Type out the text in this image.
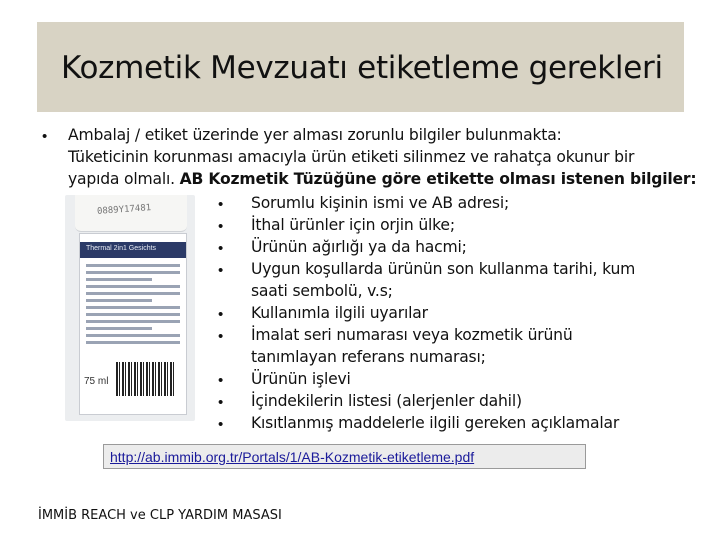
Kozmetik Mevzuatı etiketleme gerekleri
0889Y17481
Thermal 2in1 Gesichts
75 ml
• Ambalaj / etiket üzerinde yer alması zorunlu bilgiler bulunmakta:
Tüketicinin korunması amacıyla ürün etiketi silinmez ve rahatça okunur bir
yapıda olmalı. AB Kozmetik Tüzüğüne göre etikette olması istenen bilgiler:
• Sorumlu kişinin ismi ve AB adresi;
• İthal ürünler için orjin ülke;
• Ürünün ağırlığı ya da hacmi;
• Uygun koşullarda ürünün son kullanma tarihi, kum
saati sembolü, v.s;
• Kullanımla ilgili uyarılar
• İmalat seri numarası veya kozmetik ürünü
tanımlayan referans numarası;
• Ürünün işlevi
• İçindekilerin listesi (alerjenler dahil)
• Kısıtlanmış maddelerle ilgili gereken açıklamalar
http://ab.immib.org.tr/Portals/1/AB-Kozmetik-etiketleme.pdf
İMMİB REACH ve CLP YARDIM MASASI
